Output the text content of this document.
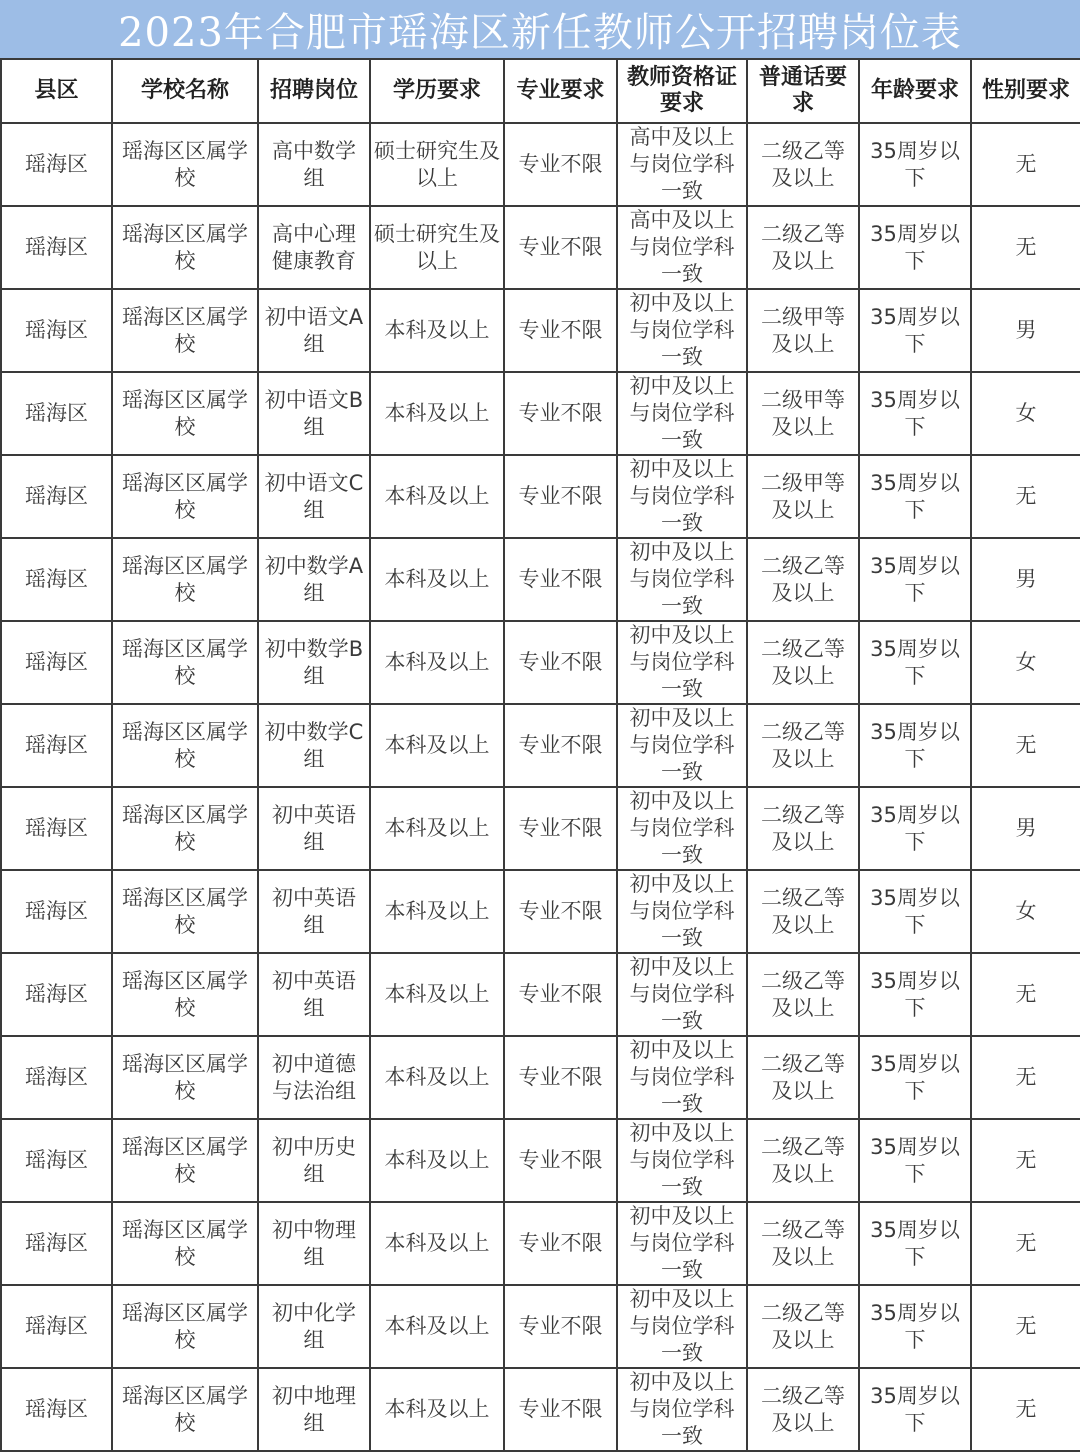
2023年合肥市瑶海区新任教师公开招聘岗位表
县区	学校名称	招聘岗位	学历要求	专业要求	教师资格证要求	普通话要求	年龄要求	性别要求
瑶海区	瑶海区区属学校	高中数学组	硕士研究生及以上	专业不限	高中及以上与岗位学科一致	二级乙等及以上	35周岁以下	无
瑶海区	瑶海区区属学校	高中心理健康教育	硕士研究生及以上	专业不限	高中及以上与岗位学科一致	二级乙等及以上	35周岁以下	无
瑶海区	瑶海区区属学校	初中语文A组	本科及以上	专业不限	初中及以上与岗位学科一致	二级甲等及以上	35周岁以下	男
瑶海区	瑶海区区属学校	初中语文B组	本科及以上	专业不限	初中及以上与岗位学科一致	二级甲等及以上	35周岁以下	女
瑶海区	瑶海区区属学校	初中语文C组	本科及以上	专业不限	初中及以上与岗位学科一致	二级甲等及以上	35周岁以下	无
瑶海区	瑶海区区属学校	初中数学A组	本科及以上	专业不限	初中及以上与岗位学科一致	二级乙等及以上	35周岁以下	男
瑶海区	瑶海区区属学校	初中数学B组	本科及以上	专业不限	初中及以上与岗位学科一致	二级乙等及以上	35周岁以下	女
瑶海区	瑶海区区属学校	初中数学C组	本科及以上	专业不限	初中及以上与岗位学科一致	二级乙等及以上	35周岁以下	无
瑶海区	瑶海区区属学校	初中英语组	本科及以上	专业不限	初中及以上与岗位学科一致	二级乙等及以上	35周岁以下	男
瑶海区	瑶海区区属学校	初中英语组	本科及以上	专业不限	初中及以上与岗位学科一致	二级乙等及以上	35周岁以下	女
瑶海区	瑶海区区属学校	初中英语组	本科及以上	专业不限	初中及以上与岗位学科一致	二级乙等及以上	35周岁以下	无
瑶海区	瑶海区区属学校	初中道德与法治组	本科及以上	专业不限	初中及以上与岗位学科一致	二级乙等及以上	35周岁以下	无
瑶海区	瑶海区区属学校	初中历史组	本科及以上	专业不限	初中及以上与岗位学科一致	二级乙等及以上	35周岁以下	无
瑶海区	瑶海区区属学校	初中物理组	本科及以上	专业不限	初中及以上与岗位学科一致	二级乙等及以上	35周岁以下	无
瑶海区	瑶海区区属学校	初中化学组	本科及以上	专业不限	初中及以上与岗位学科一致	二级乙等及以上	35周岁以下	无
瑶海区	瑶海区区属学校	初中地理组	本科及以上	专业不限	初中及以上与岗位学科一致	二级乙等及以上	35周岁以下	无
